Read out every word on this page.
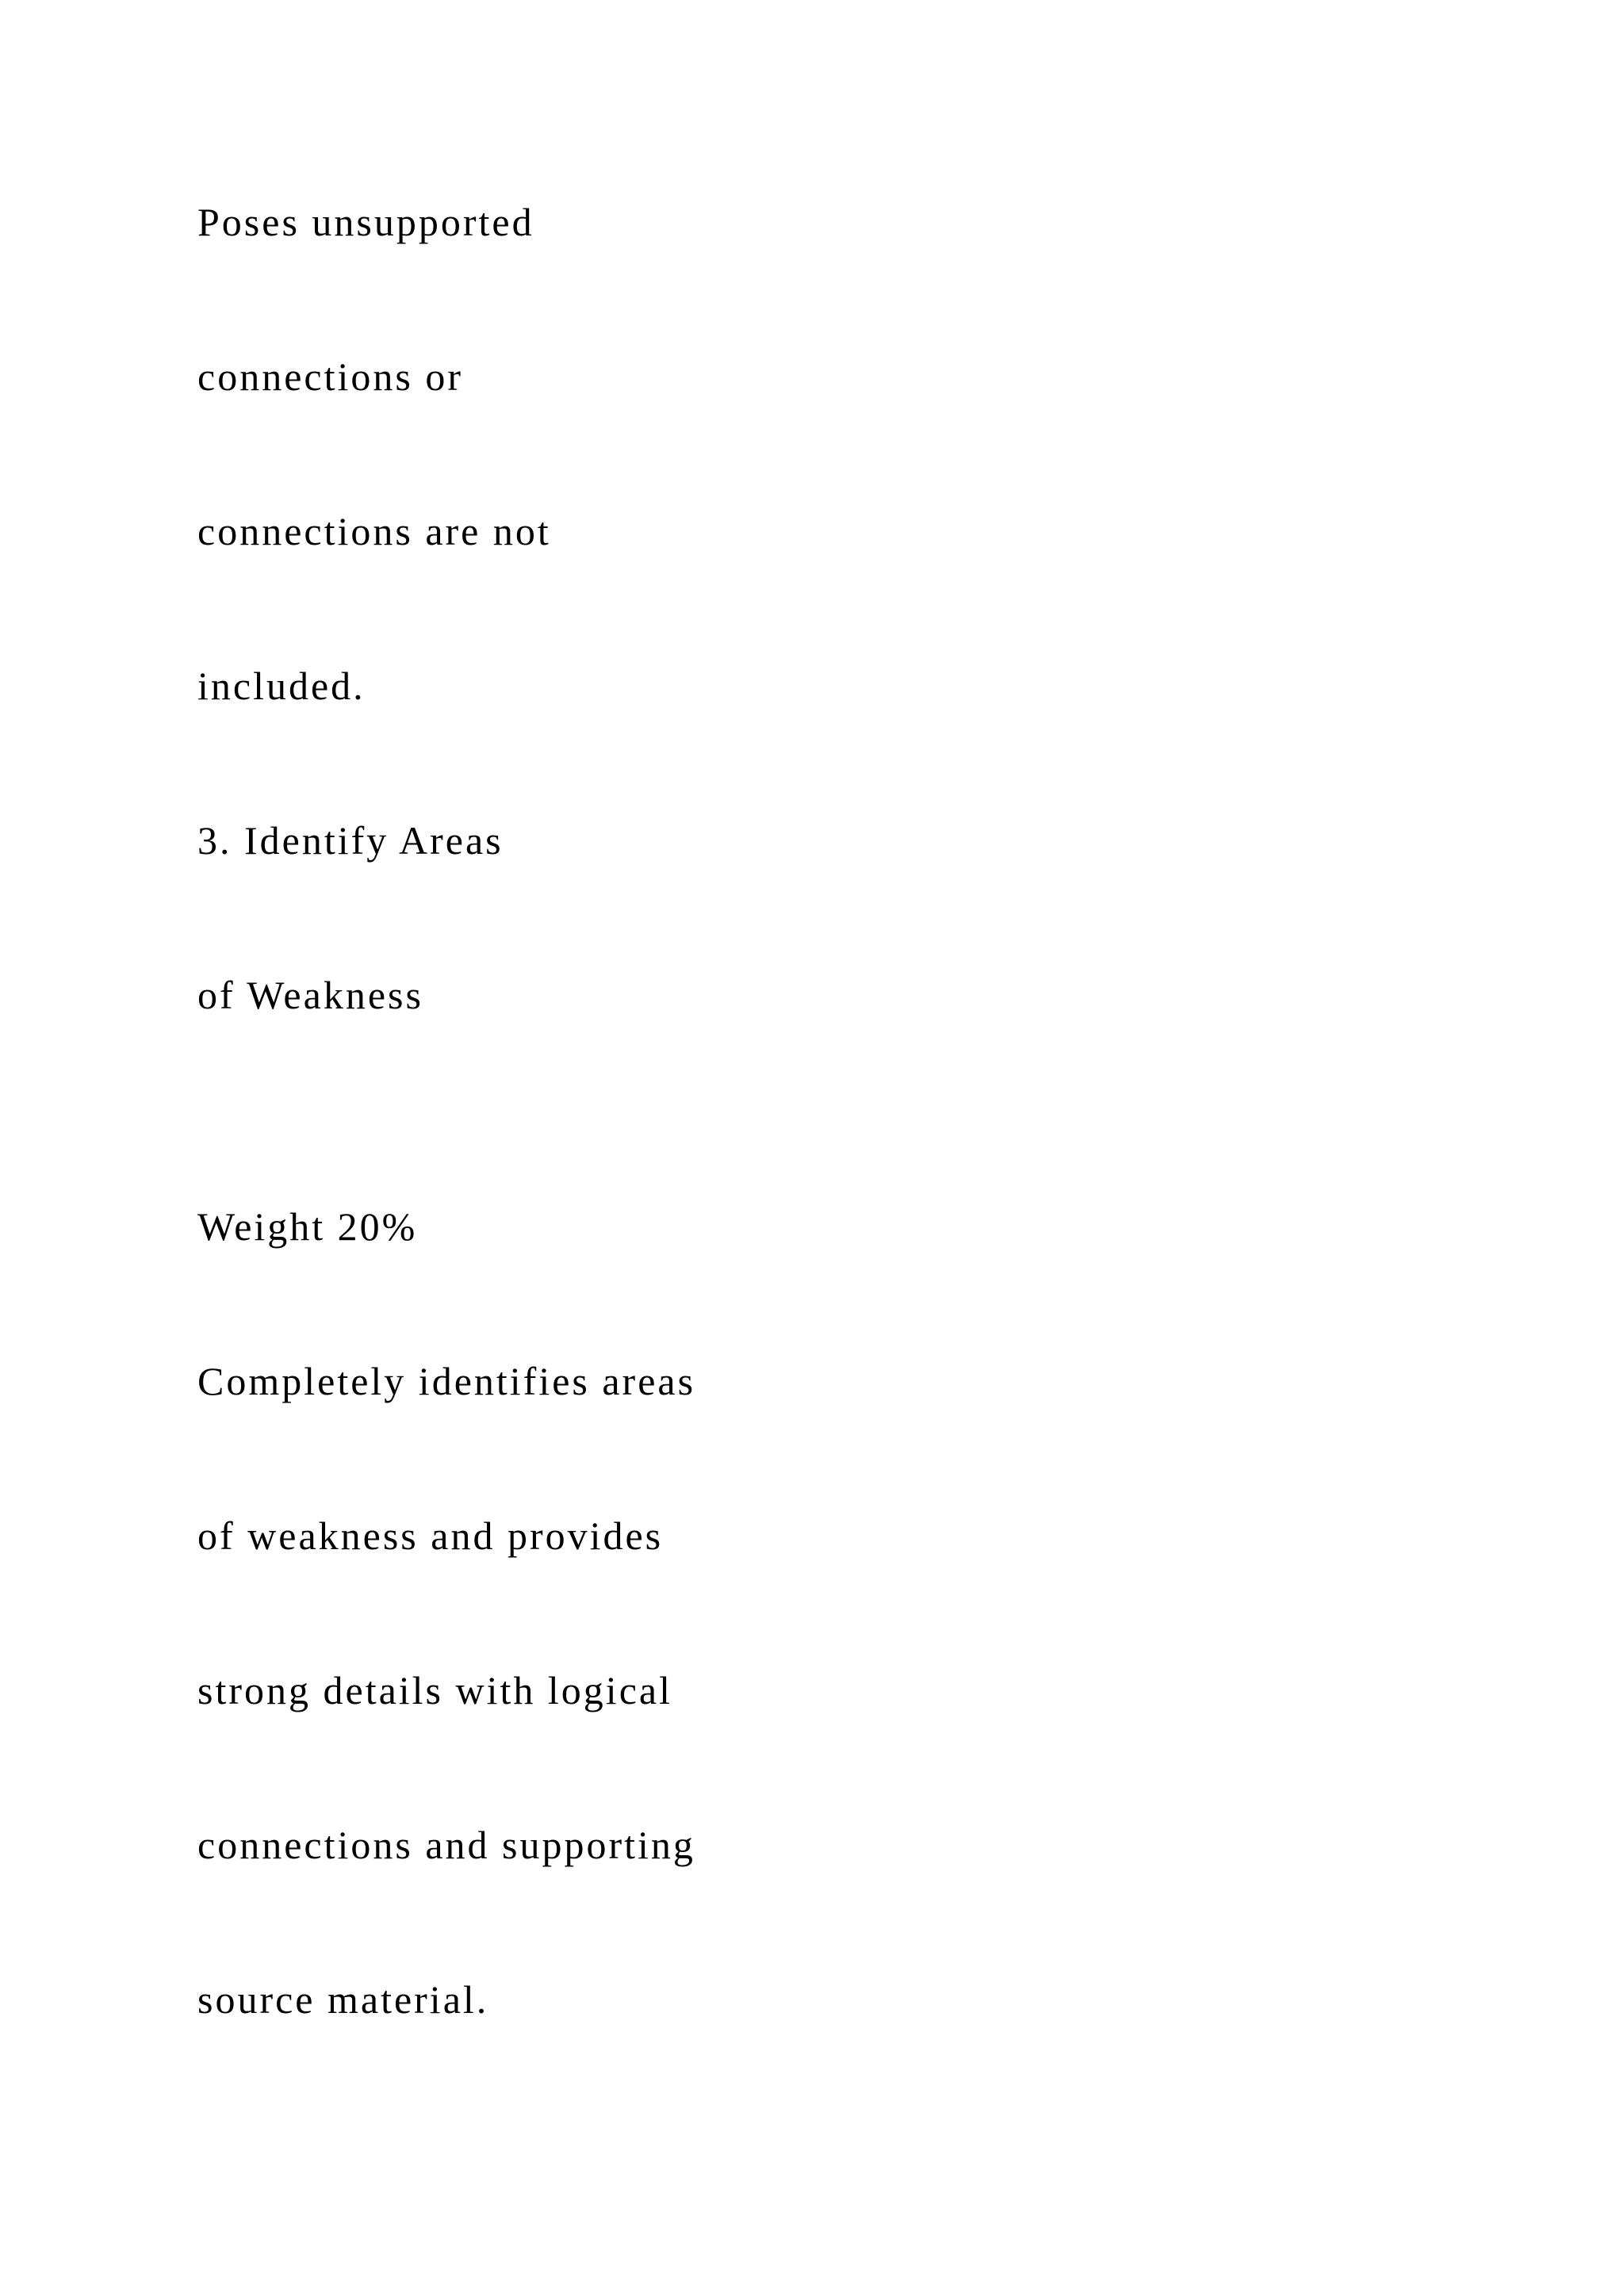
Poses unsupported

connections or

connections are not

included.

3. Identify Areas

of Weakness

Weight 20%

Completely identifies areas

of weakness and provides

strong details with logical

connections and supporting

source material.
